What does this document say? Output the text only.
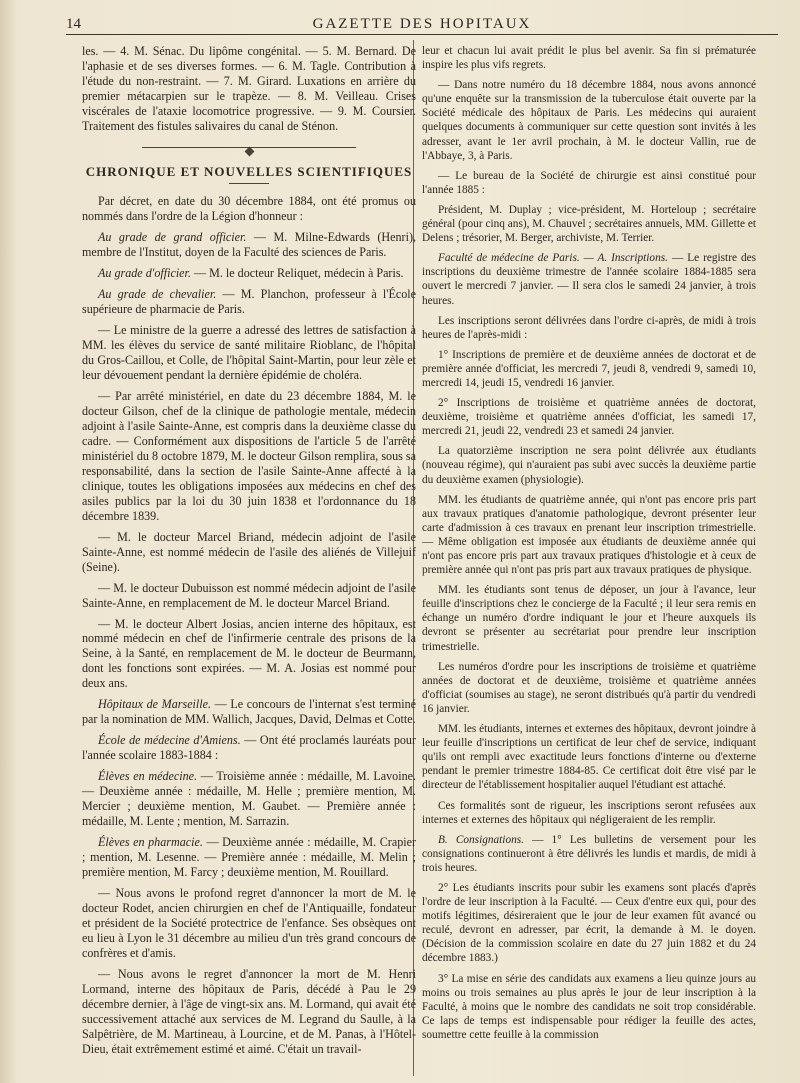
14	GAZETTE DES HOPITAUX

les. — 4. M. Sénac. Du lipôme congénital. — 5. M. Bernard. De l'aphasie et de ses diverses formes. — 6. M. Tagle. Contribution à l'étude du non-restraint. — 7. M. Girard. Luxations en arrière du premier métacarpien sur le trapèze. — 8. M. Veilleau. Crises viscérales de l'ataxie locomotrice progressive. — 9. M. Coursier. Traitement des fistules salivaires du canal de Sténon.

CHRONIQUE ET NOUVELLES SCIENTIFIQUES

Par décret, en date du 30 décembre 1884, ont été promus ou nommés dans l'ordre de la Légion d'honneur :

Au grade de grand officier. — M. Milne-Edwards (Henri), membre de l'Institut, doyen de la Faculté des sciences de Paris.

Au grade d'officier. — M. le docteur Reliquet, médecin à Paris.

Au grade de chevalier. — M. Planchon, professeur à l'École supérieure de pharmacie de Paris.

— Le ministre de la guerre a adressé des lettres de satisfaction à MM. les élèves du service de santé militaire Rioblanc, de l'hôpital du Gros-Caillou, et Colle, de l'hôpital Saint-Martin, pour leur zèle et leur dévouement pendant la dernière épidémie de choléra.

— Par arrêté ministériel, en date du 23 décembre 1884, M. le docteur Gilson, chef de la clinique de pathologie mentale, médecin adjoint à l'asile Sainte-Anne, est compris dans la deuxième classe du cadre. — Conformément aux dispositions de l'article 5 de l'arrêté ministériel du 8 octobre 1879, M. le docteur Gilson remplira, sous sa responsabilité, dans la section de l'asile Sainte-Anne affecté à la clinique, toutes les obligations imposées aux médecins en chef des asiles publics par la loi du 30 juin 1838 et l'ordonnance du 18 décembre 1839.

— M. le docteur Marcel Briand, médecin adjoint de l'asile Sainte-Anne, est nommé médecin de l'asile des aliénés de Villejuif (Seine).

— M. le docteur Dubuisson est nommé médecin adjoint de l'asile Sainte-Anne, en remplacement de M. le docteur Marcel Briand.

— M. le docteur Albert Josias, ancien interne des hôpitaux, est nommé médecin en chef de l'infirmerie centrale des prisons de la Seine, à la Santé, en remplacement de M. le docteur de Beurmann, dont les fonctions sont expirées. — M. A. Josias est nommé pour deux ans.

Hôpitaux de Marseille. — Le concours de l'internat s'est terminé par la nomination de MM. Wallich, Jacques, David, Delmas et Cotte.

École de médecine d'Amiens. — Ont été proclamés lauréats pour l'année scolaire 1883-1884 :

Élèves en médecine. — Troisième année : médaille, M. Lavoine. — Deuxième année : médaille, M. Helle ; première mention, M. Mercier ; deuxième mention, M. Gaubet. — Première année : médaille, M. Lente ; mention, M. Sarrazin.

Élèves en pharmacie. — Deuxième année : médaille, M. Crapier ; mention, M. Lesenne. — Première année : médaille, M. Melin ; première mention, M. Farcy ; deuxième mention, M. Rouillard.

— Nous avons le profond regret d'annoncer la mort de M. le docteur Rodet, ancien chirurgien en chef de l'Antiquaille, fondateur et président de la Société protectrice de l'enfance. Ses obsèques ont eu lieu à Lyon le 31 décembre au milieu d'un très grand concours de confrères et d'amis.

— Nous avons le regret d'annoncer la mort de M. Henri Lormand, interne des hôpitaux de Paris, décédé à Pau le 29 décembre dernier, à l'âge de vingt-six ans. M. Lormand, qui avait été successivement attaché aux services de M. Legrand du Saulle, à la Salpêtrière, de M. Martineau, à Lourcine, et de M. Panas, à l'Hôtel-Dieu, était extrêmement estimé et aimé. C'était un travail-

leur et chacun lui avait prédit le plus bel avenir. Sa fin si prématurée inspire les plus vifs regrets.

— Dans notre numéro du 18 décembre 1884, nous avons annoncé qu'une enquête sur la transmission de la tuberculose était ouverte par la Société médicale des hôpitaux de Paris. Les médecins qui auraient quelques documents à communiquer sur cette question sont invités à les adresser, avant le 1er avril prochain, à M. le docteur Vallin, rue de l'Abbaye, 3, à Paris.

— Le bureau de la Société de chirurgie est ainsi constitué pour l'année 1885 :

Président, M. Duplay ; vice-président, M. Horteloup ; secrétaire général (pour cinq ans), M. Chauvel ; secrétaires annuels, MM. Gillette et Delens ; trésorier, M. Berger, archiviste, M. Terrier.

Faculté de médecine de Paris. — A. Inscriptions. — Le registre des inscriptions du deuxième trimestre de l'année scolaire 1884-1885 sera ouvert le mercredi 7 janvier. — Il sera clos le samedi 24 janvier, à trois heures.

Les inscriptions seront délivrées dans l'ordre ci-après, de midi à trois heures de l'après-midi :

1° Inscriptions de première et de deuxième années de doctorat et de première année d'officiat, les mercredi 7, jeudi 8, vendredi 9, samedi 10, mercredi 14, jeudi 15, vendredi 16 janvier.

2° Inscriptions de troisième et quatrième années de doctorat, deuxième, troisième et quatrième années d'officiat, les samedi 17, mercredi 21, jeudi 22, vendredi 23 et samedi 24 janvier.

La quatorzième inscription ne sera point délivrée aux étudiants (nouveau régime), qui n'auraient pas subi avec succès la deuxième partie du deuxième examen (physiologie).

MM. les étudiants de quatrième année, qui n'ont pas encore pris part aux travaux pratiques d'anatomie pathologique, devront présenter leur carte d'admission à ces travaux en prenant leur inscription trimestrielle. — Même obligation est imposée aux étudiants de deuxième année qui n'ont pas encore pris part aux travaux pratiques d'histologie et à ceux de première année qui n'ont pas pris part aux travaux pratiques de physique.

MM. les étudiants sont tenus de déposer, un jour à l'avance, leur feuille d'inscriptions chez le concierge de la Faculté ; il leur sera remis en échange un numéro d'ordre indiquant le jour et l'heure auxquels ils devront se présenter au secrétariat pour prendre leur inscription trimestrielle.

Les numéros d'ordre pour les inscriptions de troisième et quatrième années de doctorat et de deuxième, troisième et quatrième années d'officiat (soumises au stage), ne seront distribués qu'à partir du vendredi 16 janvier.

MM. les étudiants, internes et externes des hôpitaux, devront joindre à leur feuille d'inscriptions un certificat de leur chef de service, indiquant qu'ils ont rempli avec exactitude leurs fonctions d'interne ou d'externe pendant le premier trimestre 1884-85. Ce certificat doit être visé par le directeur de l'établissement hospitalier auquel l'étudiant est attaché.

Ces formalités sont de rigueur, les inscriptions seront refusées aux internes et externes des hôpitaux qui négligeraient de les remplir.

B. Consignations. — 1° Les bulletins de versement pour les consignations continueront à être délivrés les lundis et mardis, de midi à trois heures.

2° Les étudiants inscrits pour subir les examens sont placés d'après l'ordre de leur inscription à la Faculté. — Ceux d'entre eux qui, pour des motifs légitimes, désireraient que le jour de leur examen fût avancé ou reculé, devront en adresser, par écrit, la demande à M. le doyen. (Décision de la commission scolaire en date du 27 juin 1882 et du 24 décembre 1883.)

3° La mise en série des candidats aux examens a lieu quinze jours au moins ou trois semaines au plus après le jour de leur inscription à la Faculté, à moins que le nombre des candidats ne soit trop considérable. Ce laps de temps est indispensable pour rédiger la feuille des actes, soumettre cette feuille à la commission
